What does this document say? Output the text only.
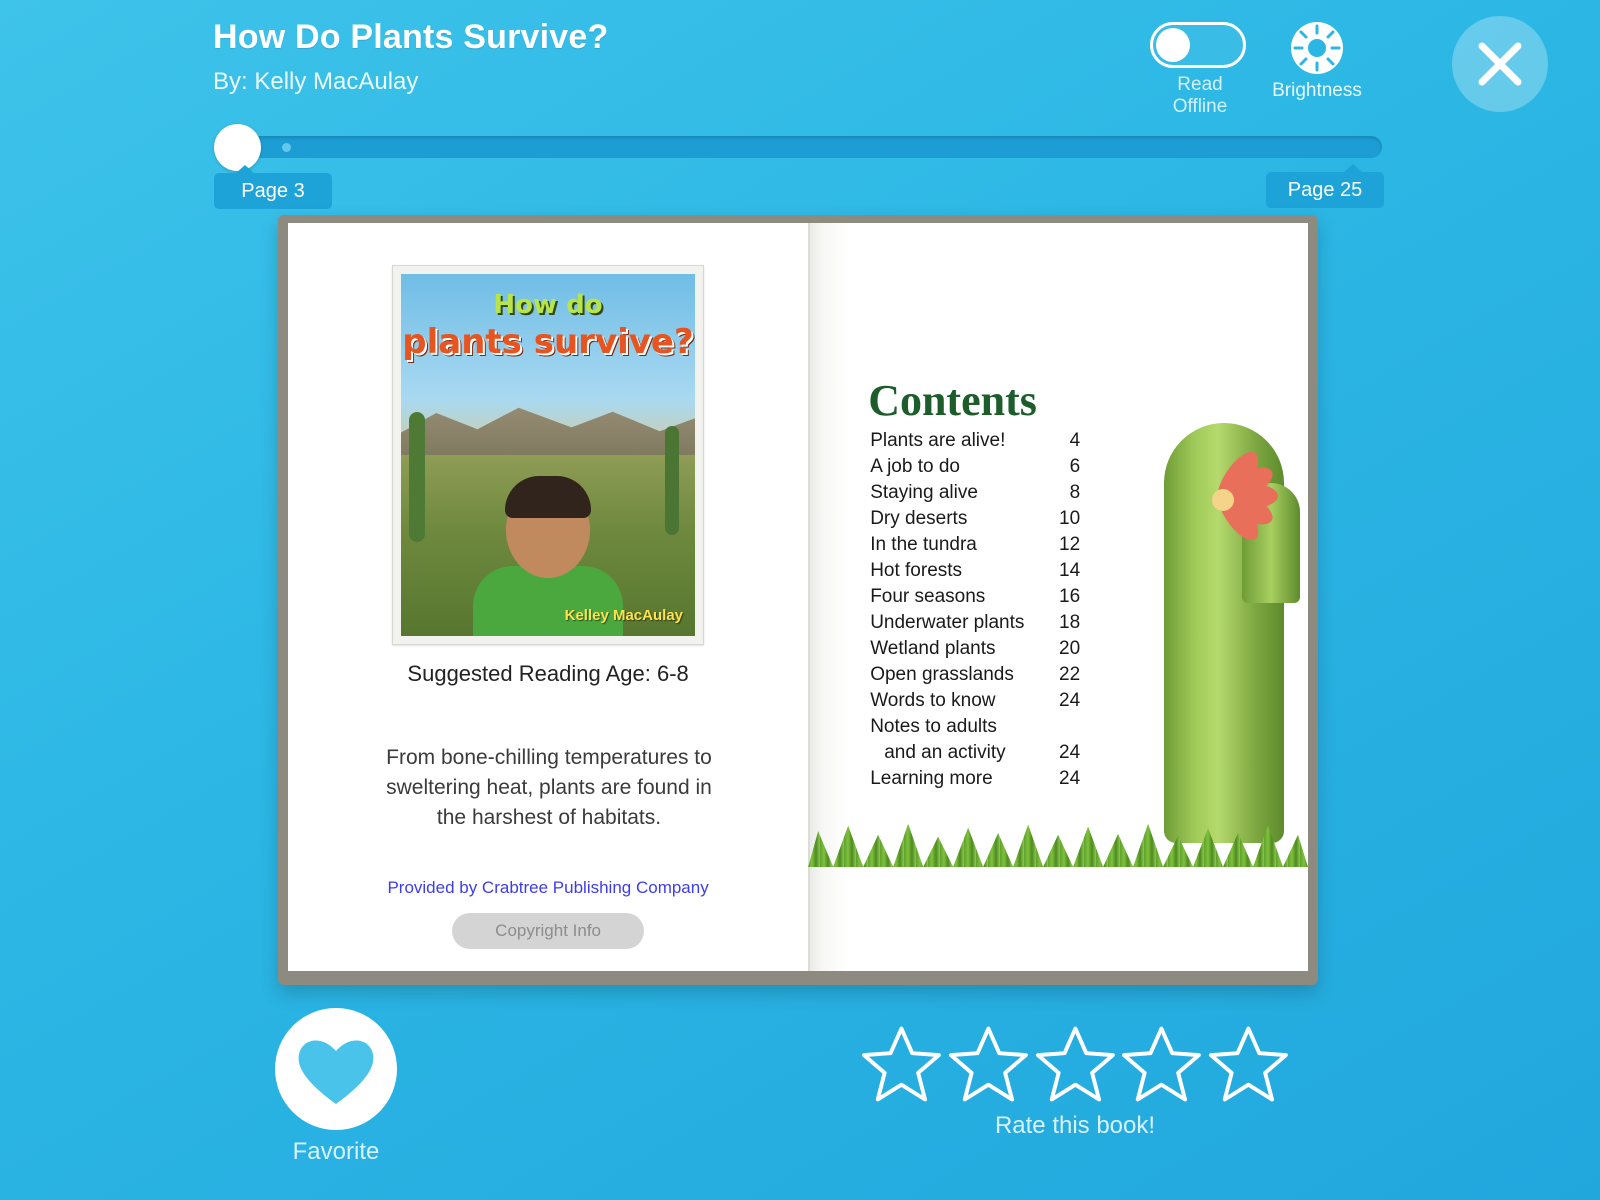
How Do Plants Survive?
By: Kelly MacAulay	Read Offline
Brightness
Page 3	Page 25
How do
plants survive?
Kelley MacAulay
Suggested Reading Age: 6-8
From bone-chilling temperatures to sweltering heat, plants are found in the harshest of habitats.
Provided by Crabtree Publishing Company
Copyright Info
Contents
Plants are alive!	4
A job to do	6
Staying alive	8
Dry deserts	10
In the tundra	12
Hot forests	14
Four seasons	16
Underwater plants 18
Wetland plants	20
Open grasslands 22
Words to know	24
Notes to adults
and an activity	24
Learning more	24
Favorite
Rate this book!
